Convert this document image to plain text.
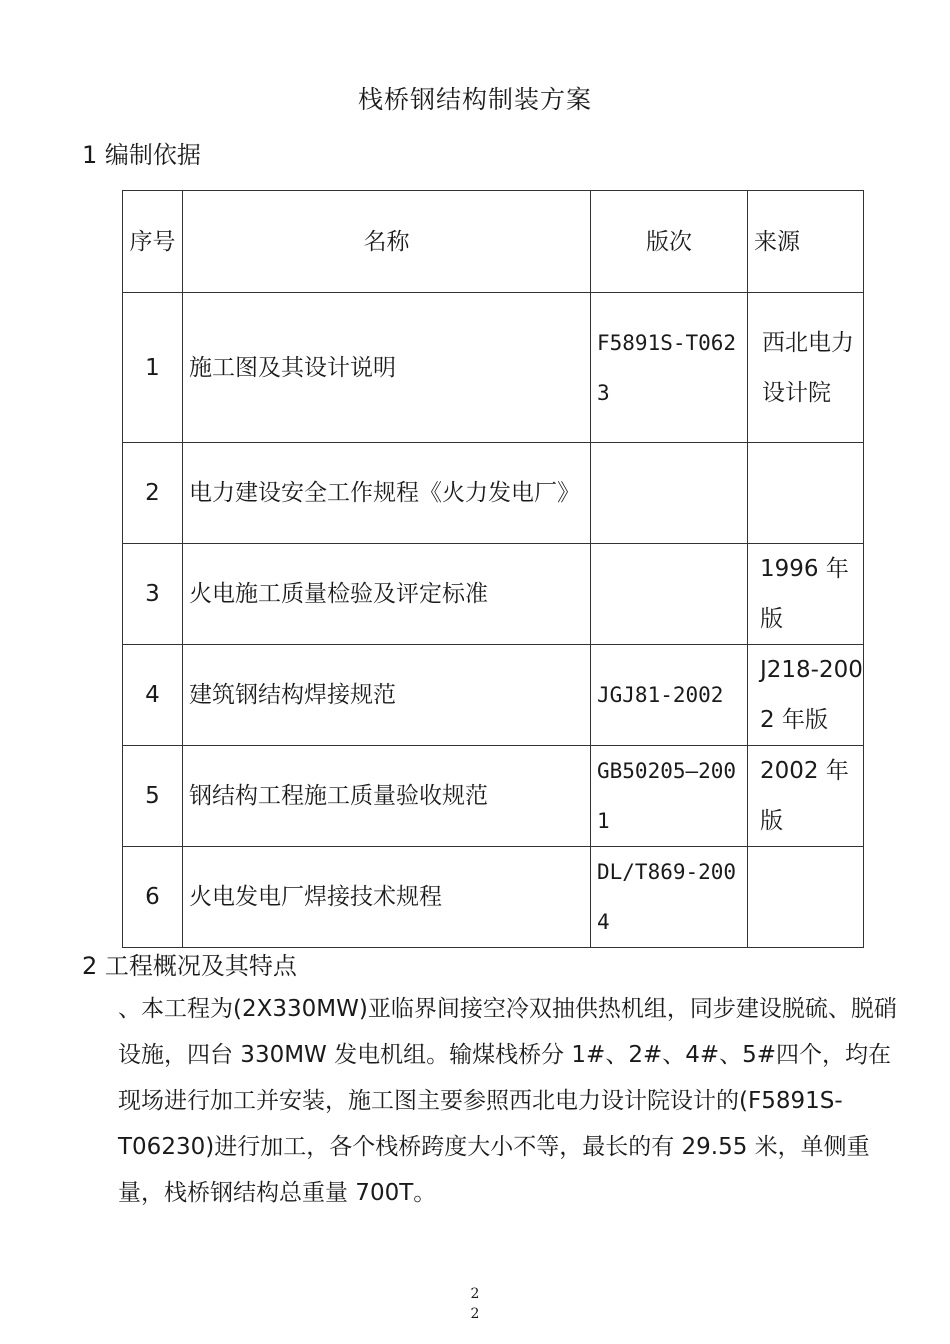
栈桥钢结构制装方案
1 编制依据
序号	名称	版次	来源
1	施工图及其设计说明	F5891S-T0623	西北电力设计院
2	电力建设安全工作规程《火力发电厂》		
3	火电施工质量检验及评定标准		1996 年版
4	建筑钢结构焊接规范	JGJ81-2002	J218-2002 年版
5	钢结构工程施工质量验收规范	GB50205—2001	2002 年版
6	火电发电厂焊接技术规程	DL/T869-2004	
2 工程概况及其特点
、本工程为(2X330MW)亚临界间接空冷双抽供热机组，同步建设脱硫、脱硝设施，四台 330MW 发电机组。输煤栈桥分 1#、2#、4#、5#四个，均在现场进行加工并安装，施工图主要参照西北电力设计院设计的(F5891S-T06230)进行加工，各个栈桥跨度大小不等，最长的有 29.55 米，单侧重量，栈桥钢结构总重量 700T。
2
2
